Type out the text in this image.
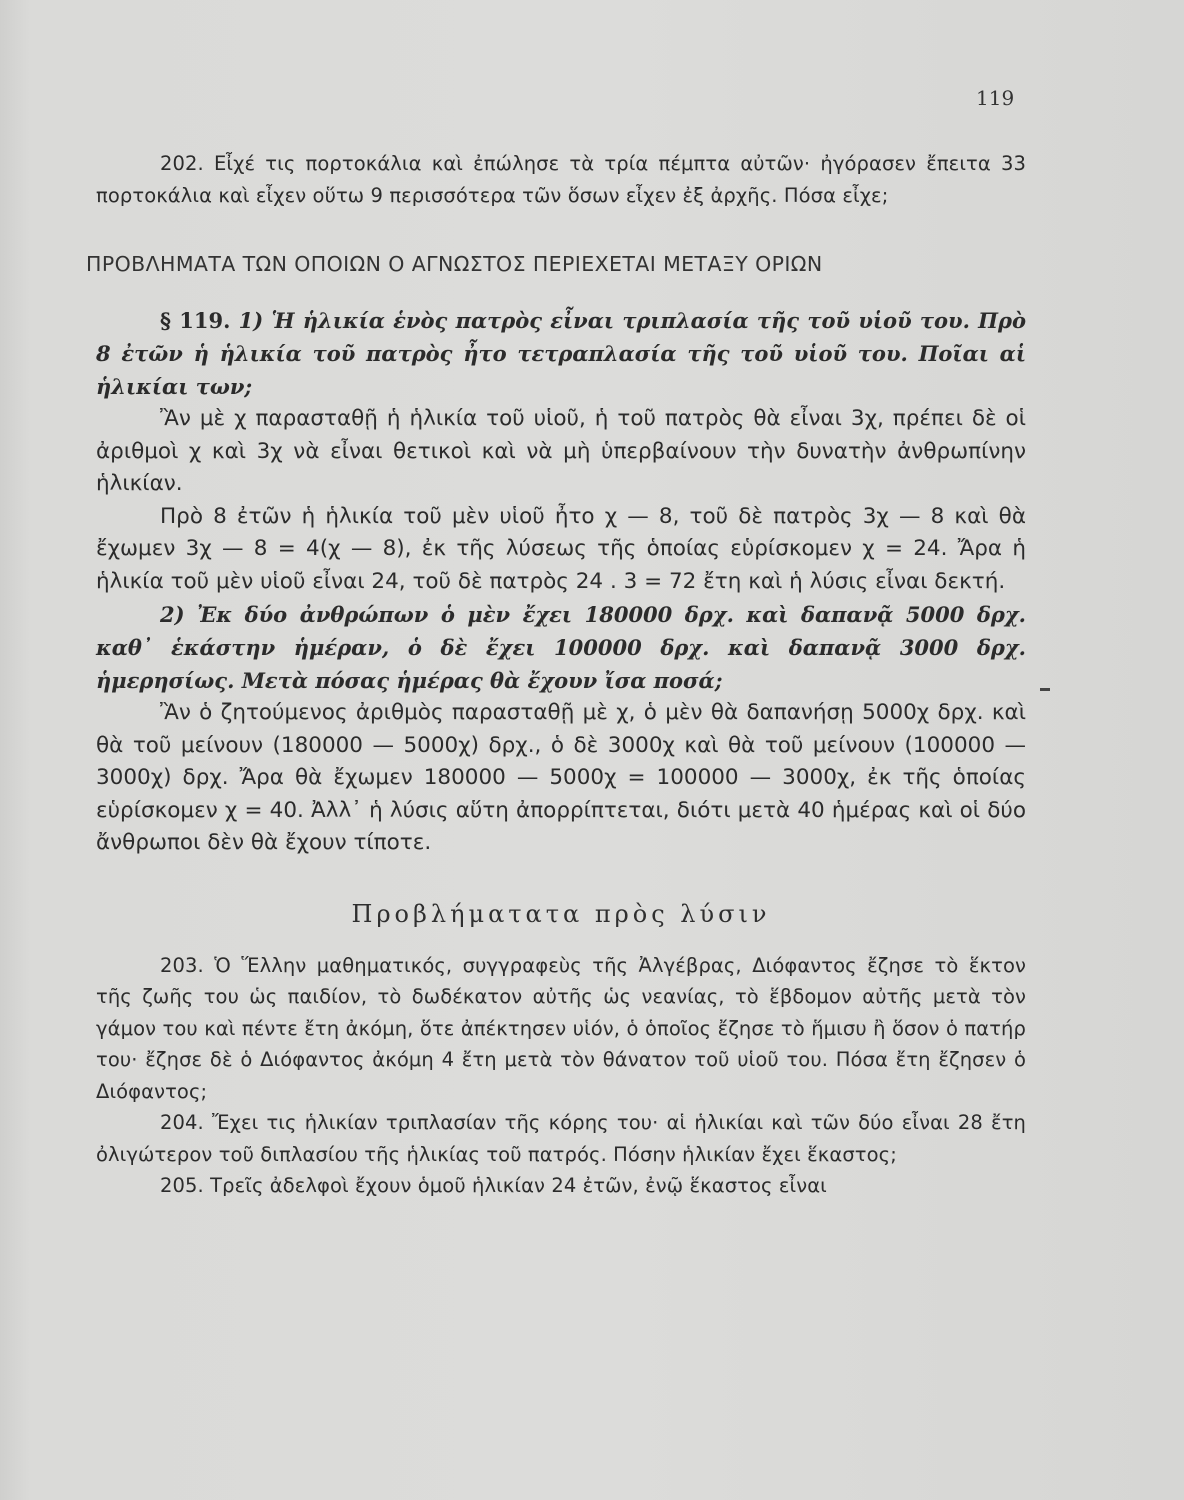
119

202. Εἶχέ τις πορτοκάλια καὶ ἐπώλησε τὰ τρία πέμπτα αὐτῶν· ἠγόρασεν ἔπειτα 33 πορτοκάλια καὶ εἶχεν οὕτω 9 περισσότερα τῶν ὅσων εἶχεν ἐξ ἀρχῆς. Πόσα εἶχε;

ΠΡΟΒΛΗΜΑΤΑ ΤΩΝ ΟΠΟΙΩΝ Ο ΑΓΝΩΣΤΟΣ ΠΕΡΙΕΧΕΤΑΙ ΜΕΤΑΞΥ ΟΡΙΩΝ

§ 119. 1) Ἡ ἡλικία ἑνὸς πατρὸς εἶναι τριπλασία τῆς τοῦ υἱοῦ του. Πρὸ 8 ἐτῶν ἡ ἡλικία τοῦ πατρὸς ἦτο τετραπλασία τῆς τοῦ υἱοῦ του. Ποῖαι αἱ ἡλικίαι των;

Ἂν μὲ χ παρασταθῇ ἡ ἡλικία τοῦ υἱοῦ, ἡ τοῦ πατρὸς θὰ εἶναι 3χ, πρέπει δὲ οἱ ἀριθμοὶ χ καὶ 3χ νὰ εἶναι θετικοὶ καὶ νὰ μὴ ὑπερβαίνουν τὴν δυνατὴν ἀνθρωπίνην ἡλικίαν.

Πρὸ 8 ἐτῶν ἡ ἡλικία τοῦ μὲν υἱοῦ ἦτο χ — 8, τοῦ δὲ πατρὸς 3χ — 8 καὶ θὰ ἔχωμεν 3χ — 8 = 4(χ — 8), ἐκ τῆς λύσεως τῆς ὁποίας εὑρίσκομεν χ = 24. Ἄρα ἡ ἡλικία τοῦ μὲν υἱοῦ εἶναι 24, τοῦ δὲ πατρὸς 24 . 3 = 72 ἔτη καὶ ἡ λύσις εἶναι δεκτή.

2) Ἐκ δύο ἀνθρώπων ὁ μὲν ἔχει 180000 δρχ. καὶ δαπανᾷ 5000 δρχ. καθ᾽ ἑκάστην ἡμέραν, ὁ δὲ ἔχει 100000 δρχ. καὶ δαπανᾷ 3000 δρχ. ἡμερησίως. Μετὰ πόσας ἡμέρας θὰ ἔχουν ἴσα ποσά;

Ἂν ὁ ζητούμενος ἀριθμὸς παρασταθῇ μὲ χ, ὁ μὲν θὰ δαπανήσῃ 5000χ δρχ. καὶ θὰ τοῦ μείνουν (180000 — 5000χ) δρχ., ὁ δὲ 3000χ καὶ θὰ τοῦ μείνουν (100000 — 3000χ) δρχ. Ἄρα θὰ ἔχωμεν 180000 — 5000χ = 100000 — 3000χ, ἐκ τῆς ὁποίας εὑρίσκομεν χ = 40. Ἀλλ᾽ ἡ λύσις αὕτη ἀπορρίπτεται, διότι μετὰ 40 ἡμέρας καὶ οἱ δύο ἄνθρωποι δὲν θὰ ἔχουν τίποτε.

Προβλήματατα πρὸς λύσιν

203. Ὁ Ἕλλην μαθηματικός, συγγραφεὺς τῆς Ἀλγέβρας, Διόφαντος ἔζησε τὸ ἕκτον τῆς ζωῆς του ὡς παιδίον, τὸ δωδέκατον αὐτῆς ὡς νεανίας, τὸ ἕβδομον αὐτῆς μετὰ τὸν γάμον του καὶ πέντε ἔτη ἀκόμη, ὅτε ἀπέκτησεν υἱόν, ὁ ὁποῖος ἔζησε τὸ ἥμισυ ἢ ὅσον ὁ πατήρ του· ἔζησε δὲ ὁ Διόφαντος ἀκόμη 4 ἔτη μετὰ τὸν θάνατον τοῦ υἱοῦ του. Πόσα ἔτη ἔζησεν ὁ Διόφαντος;

204. Ἔχει τις ἡλικίαν τριπλασίαν τῆς κόρης του· αἱ ἡλικίαι καὶ τῶν δύο εἶναι 28 ἔτη ὀλιγώτερον τοῦ διπλασίου τῆς ἡλικίας τοῦ πατρός. Πόσην ἡλικίαν ἔχει ἕκαστος;

205. Τρεῖς ἀδελφοὶ ἔχουν ὁμοῦ ἡλικίαν 24 ἐτῶν, ἐνῷ ἕκαστος εἶναι
